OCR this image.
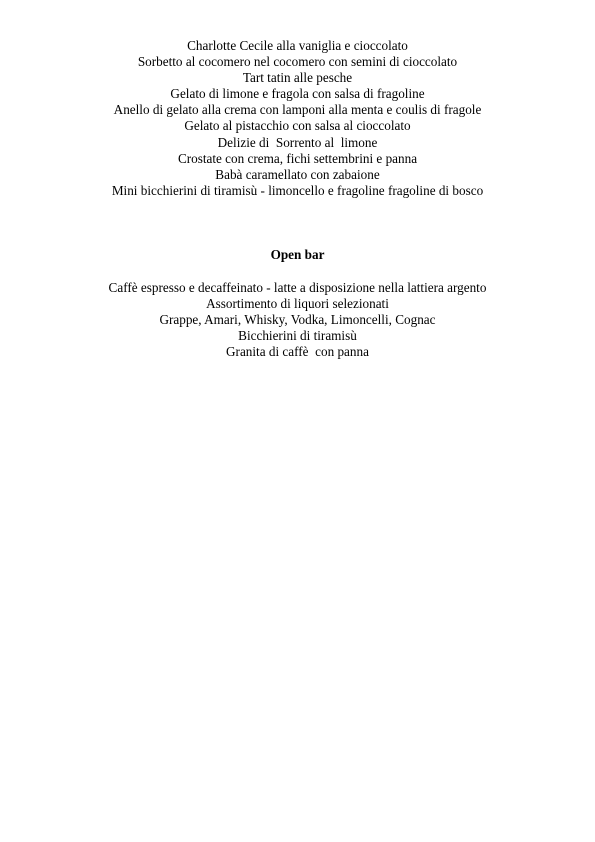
Charlotte Cecile alla vaniglia e cioccolato
Sorbetto al cocomero nel cocomero con semini di cioccolato
Tart tatin alle pesche
Gelato di limone e fragola con salsa di fragoline
Anello di gelato alla crema con lamponi alla menta e coulis di fragole
Gelato al pistacchio con salsa al cioccolato
Delizie di  Sorrento al  limone
Crostate con crema, fichi settembrini e panna
Babà caramellato con zabaione
Mini bicchierini di tiramisù - limoncello e fragoline fragoline di bosco
Open bar
Caffè espresso e decaffeinato - latte a disposizione nella lattiera argento
Assortimento di liquori selezionati
Grappe, Amari, Whisky, Vodka, Limoncelli, Cognac
Bicchierini di tiramisù
Granita di caffè  con panna
